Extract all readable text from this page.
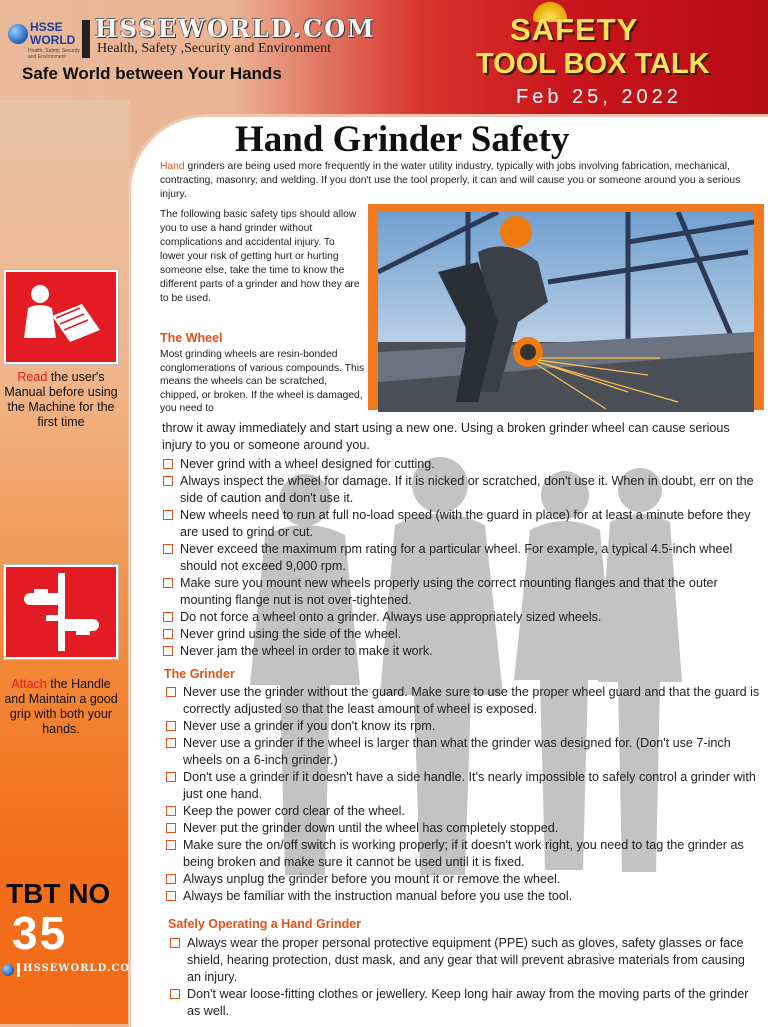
HSSE
WORLD
Health, Safety, Security and Environment
HSSEWORLD.COM
Health, Safety ,Security and Environment
Safe World between Your Hands
SAFETY
TOOL BOX TALK
Feb 25, 2022
Read the user's Manual before using the Machine for the first time
Attach the Handle and Maintain a good grip with both your hands.
TBT NO
35
HSSEWORLD.COM
Hand Grinder Safety
Hand grinders are being used more frequently in the water utility industry, typically with jobs involving fabrication, mechanical, contracting, masonry, and welding. If you don't use the tool properly, it can and will cause you or someone around you a serious injury.
The following basic safety tips should allow you to use a hand grinder without complications and accidental injury. To lower your risk of getting hurt or hurting someone else, take the time to know the different parts of a grinder and how they are to be used.
The Wheel
Most grinding wheels are resin-bonded conglomerations of various compounds. This means the wheels can be scratched, chipped, or broken. If the wheel is damaged, you need to
throw it away immediately and start using a new one. Using a broken grinder wheel can cause serious injury to you or someone around you.
Never grind with a wheel designed for cutting.
Always inspect the wheel for damage. If it is nicked or scratched, don't use it. When in doubt, err on the side of caution and don't use it.
New wheels need to run at full no-load speed (with the guard in place) for at least a minute before they are used to grind or cut.
Never exceed the maximum rpm rating for a particular wheel. For example, a typical 4.5-inch wheel should not exceed 9,000 rpm.
Make sure you mount new wheels properly using the correct mounting flanges and that the outer mounting flange nut is not over-tightened.
Do not force a wheel onto a grinder. Always use appropriately sized wheels.
Never grind using the side of the wheel.
Never jam the wheel in order to make it work.
The Grinder
Never use the grinder without the guard. Make sure to use the proper wheel guard and that the guard is correctly adjusted so that the least amount of wheel is exposed.
Never use a grinder if you don't know its rpm.
Never use a grinder if the wheel is larger than what the grinder was designed for. (Don't use 7-inch wheels on a 6-inch grinder.)
Don't use a grinder if it doesn't have a side handle. It's nearly impossible to safely control a grinder with just one hand.
Keep the power cord clear of the wheel.
Never put the grinder down until the wheel has completely stopped.
Make sure the on/off switch is working properly; if it doesn't work right, you need to tag the grinder as being broken and make sure it cannot be used until it is fixed.
Always unplug the grinder before you mount it or remove the wheel.
Always be familiar with the instruction manual before you use the tool.
Safely Operating a Hand Grinder
Always wear the proper personal protective equipment (PPE) such as gloves, safety glasses or face shield, hearing protection, dust mask, and any gear that will prevent abrasive materials from causing an injury.
Don't wear loose-fitting clothes or jewellery. Keep long hair away from the moving parts of the grinder as well.
